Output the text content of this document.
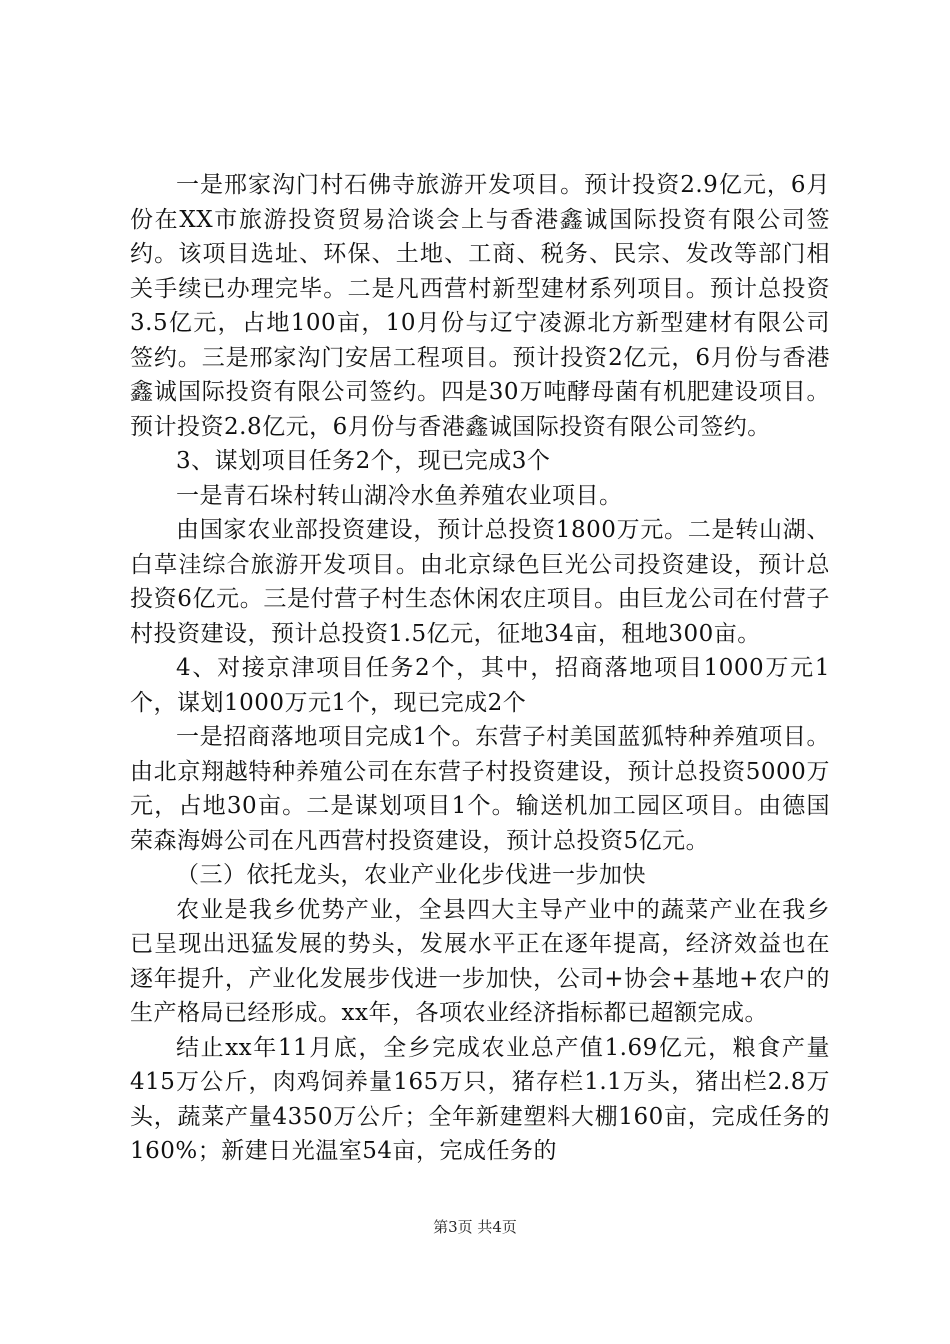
一是邢家沟门村石佛寺旅游开发项目。预计投资2.9亿元，6月份在XX市旅游投资贸易洽谈会上与香港鑫诚国际投资有限公司签约。该项目选址、环保、土地、工商、税务、民宗、发改等部门相关手续已办理完毕。二是凡西营村新型建材系列项目。预计总投资3.5亿元，占地100亩，10月份与辽宁凌源北方新型建材有限公司签约。三是邢家沟门安居工程项目。预计投资2亿元，6月份与香港鑫诚国际投资有限公司签约。四是30万吨酵母菌有机肥建设项目。预计投资2.8亿元，6月份与香港鑫诚国际投资有限公司签约。

3、谋划项目任务2个，现已完成3个

一是青石垛村转山湖冷水鱼养殖农业项目。

由国家农业部投资建设，预计总投资1800万元。二是转山湖、白草洼综合旅游开发项目。由北京绿色巨光公司投资建设，预计总投资6亿元。三是付营子村生态休闲农庄项目。由巨龙公司在付营子村投资建设，预计总投资1.5亿元，征地34亩，租地300亩。

4、对接京津项目任务2个，其中，招商落地项目1000万元1个，谋划1000万元1个，现已完成2个

一是招商落地项目完成1个。东营子村美国蓝狐特种养殖项目。由北京翔越特种养殖公司在东营子村投资建设，预计总投资5000万元，占地30亩。二是谋划项目1个。输送机加工园区项目。由德国荣森海姆公司在凡西营村投资建设，预计总投资5亿元。

（三）依托龙头，农业产业化步伐进一步加快

农业是我乡优势产业，全县四大主导产业中的蔬菜产业在我乡已呈现出迅猛发展的势头，发展水平正在逐年提高，经济效益也在逐年提升，产业化发展步伐进一步加快，公司+协会+基地+农户的生产格局已经形成。xx年，各项农业经济指标都已超额完成。

结止xx年11月底，全乡完成农业总产值1.69亿元，粮食产量415万公斤，肉鸡饲养量165万只，猪存栏1.1万头，猪出栏2.8万头，蔬菜产量4350万公斤；全年新建塑料大棚160亩，完成任务的160%；新建日光温室54亩，完成任务的

第3页 共4页
